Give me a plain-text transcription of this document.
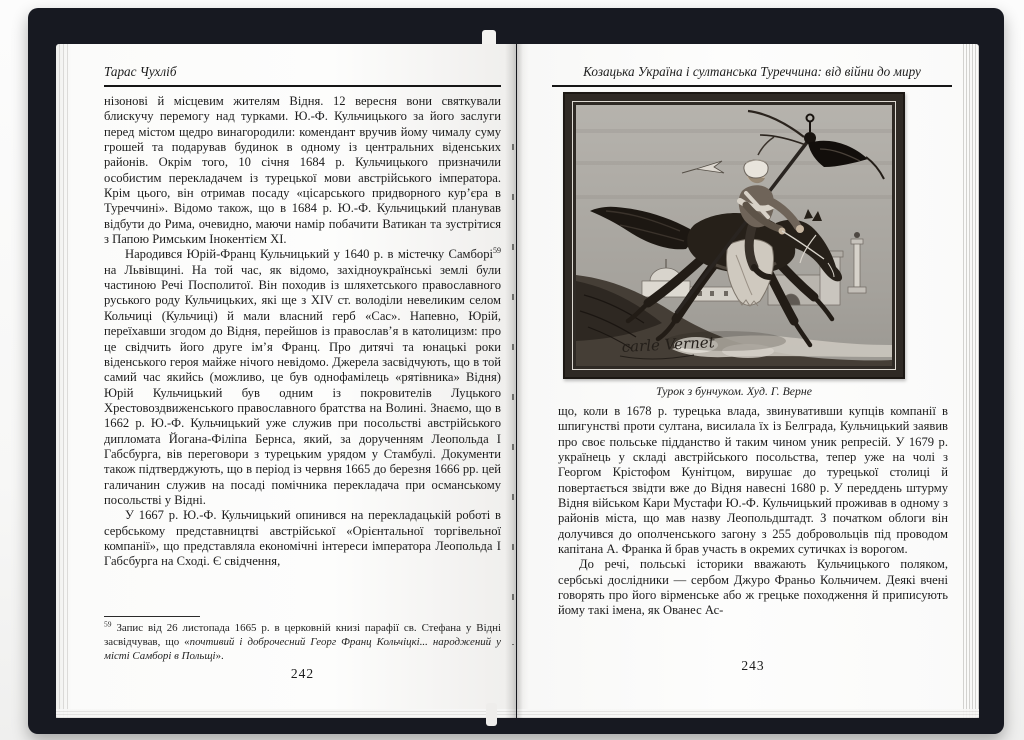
Тарас Чухліб

нізонові й місцевим жителям Відня. 12 вересня вони святкували блискучу перемогу над турками. Ю.-Ф. Кульчицького за його заслуги перед містом щедро винагородили: комендант вручив йому чималу суму грошей та подарував будинок в одному із центральних віденських районів. Окрім того, 10 січня 1684 р. Кульчицького призначили особистим перекладачем із турецької мови австрійського імператора. Крім цього, він отримав посаду «цісарського придворного кур’єра в Туреччині». Відомо також, що в 1684 р. Ю.-Ф. Кульчицький планував відбути до Рима, очевидно, маючи намір побачити Ватикан та зустрітися з Папою Римським Інокентієм XI.

Народився Юрій-Франц Кульчицький у 1640 р. в містечку Самборі$^{59}$ на Львівщині. На той час, як відомо, західноукраїнські землі були частиною Речі Посполитої. Він походив із шляхетського православного руського роду Кульчицьких, які ще з XIV ст. володіли невеликим селом Кольчиці (Кульчиці) й мали власний герб «Сас». Напевно, Юрій, переїхавши згодом до Відня, перейшов із православ’я в католицизм: про це свідчить його друге ім’я Франц. Про дитячі та юнацькі роки віденського героя майже нічого невідомо. Джерела засвідчують, що в той самий час якийсь (можливо, це був однофамілець «рятівника» Відня) Юрій Кульчицький був одним із покровителів Луцького Хрестовоздвиженського православного братства на Волині. Знаємо, що в 1662 р. Ю.-Ф. Кульчицький уже служив при посольстві австрійського дипломата Йогана-Філіпа Бернса, який, за дорученням Леопольда І Габсбурга, вів переговори з турецьким урядом у Стамбулі. Документи також підтверджують, що в період із червня 1665 до березня 1666 рр. цей галичанин служив на посаді помічника перекладача при османському посольстві у Відні.

У 1667 р. Ю.-Ф. Кульчицький опинився на перекладацькій роботі в сербському представництві австрійської «Орієнтальної торгівельної компанії», що представляла економічні інтереси імператора Леопольда І Габсбурга на Сході. Є свідчення,

$^{59}$ Запис від 26 листопада 1665 р. в церковній книзі парафії св. Стефана у Відні засвідчував, що «почтивий і доброчесний Георг Франц Кольчіцкі... народжений у місті Самборі в Польщі».
242
Козацька Україна і султанська Туреччина: від війни до миру
carle Vernet
Турок з бунчуком. Худ. Г. Верне

що, коли в 1678 р. турецька влада, звинувативши купців компанії в шпигунстві проти султана, висилала їх із Белграда, Кульчицький заявив про своє польське підданство й таким чином уник репресій. У 1679 р. українець у складі австрійського посольства, тепер уже на чолі з Георгом Крістофом Кунітцом, вирушає до турецької столиці й повертається звідти вже до Відня навесні 1680 р. У переддень штурму Відня військом Кари Мустафи Ю.-Ф. Кульчицький проживав в одному з районів міста, що мав назву Леопольдштадт. З початком облоги він долучився до ополченського загону з 255 добровольців під проводом капітана А. Франка й брав участь в окремих сутичках із ворогом.

До речі, польські історики вважають Кульчицького поляком, сербські дослідники — сербом Джуро Франьо Кольчичем. Деякі вчені говорять про його вірменське або ж грецьке походження й приписують йому такі імена, як Ованес Ас-

243
